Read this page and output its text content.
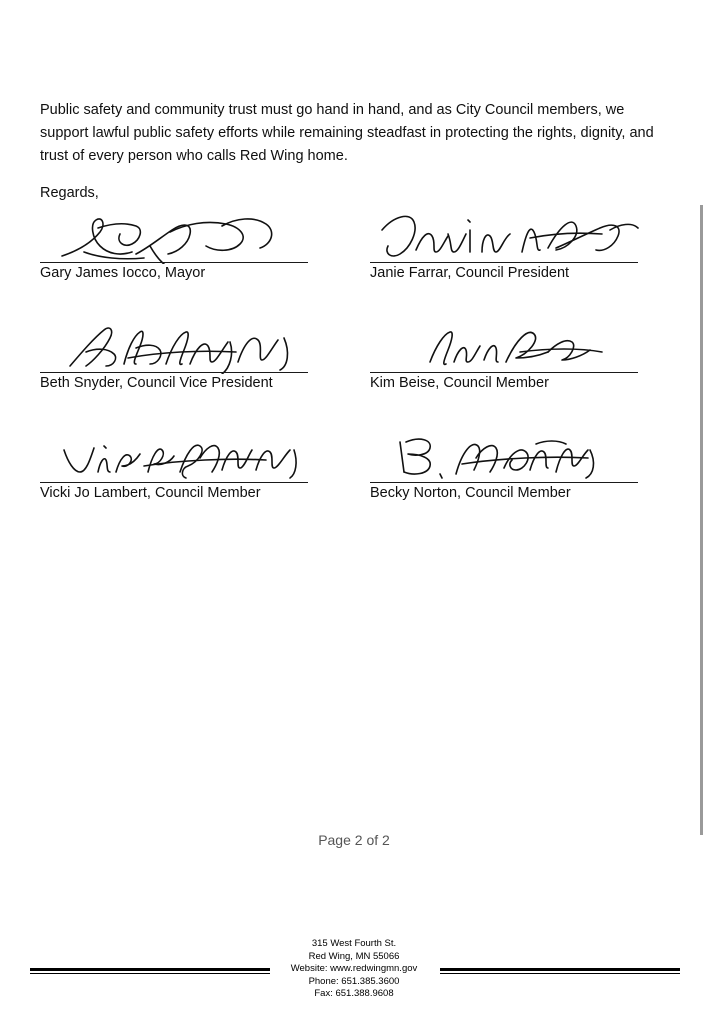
Public safety and community trust must go hand in hand, and as City Council members, we support lawful public safety efforts while remaining steadfast in protecting the rights, dignity, and trust of every person who calls Red Wing home.

Regards,

Gary James Iocco, Mayor	Janie Farrar, Council President
Beth Snyder, Council Vice President	Kim Beise, Council Member
Vicki Jo Lambert, Council Member	Becky Norton, Council Member
Page 2 of 2
315 West Fourth St.
Red Wing, MN 55066
Website: www.redwingmn.gov
Phone: 651.385.3600
Fax: 651.388.9608
